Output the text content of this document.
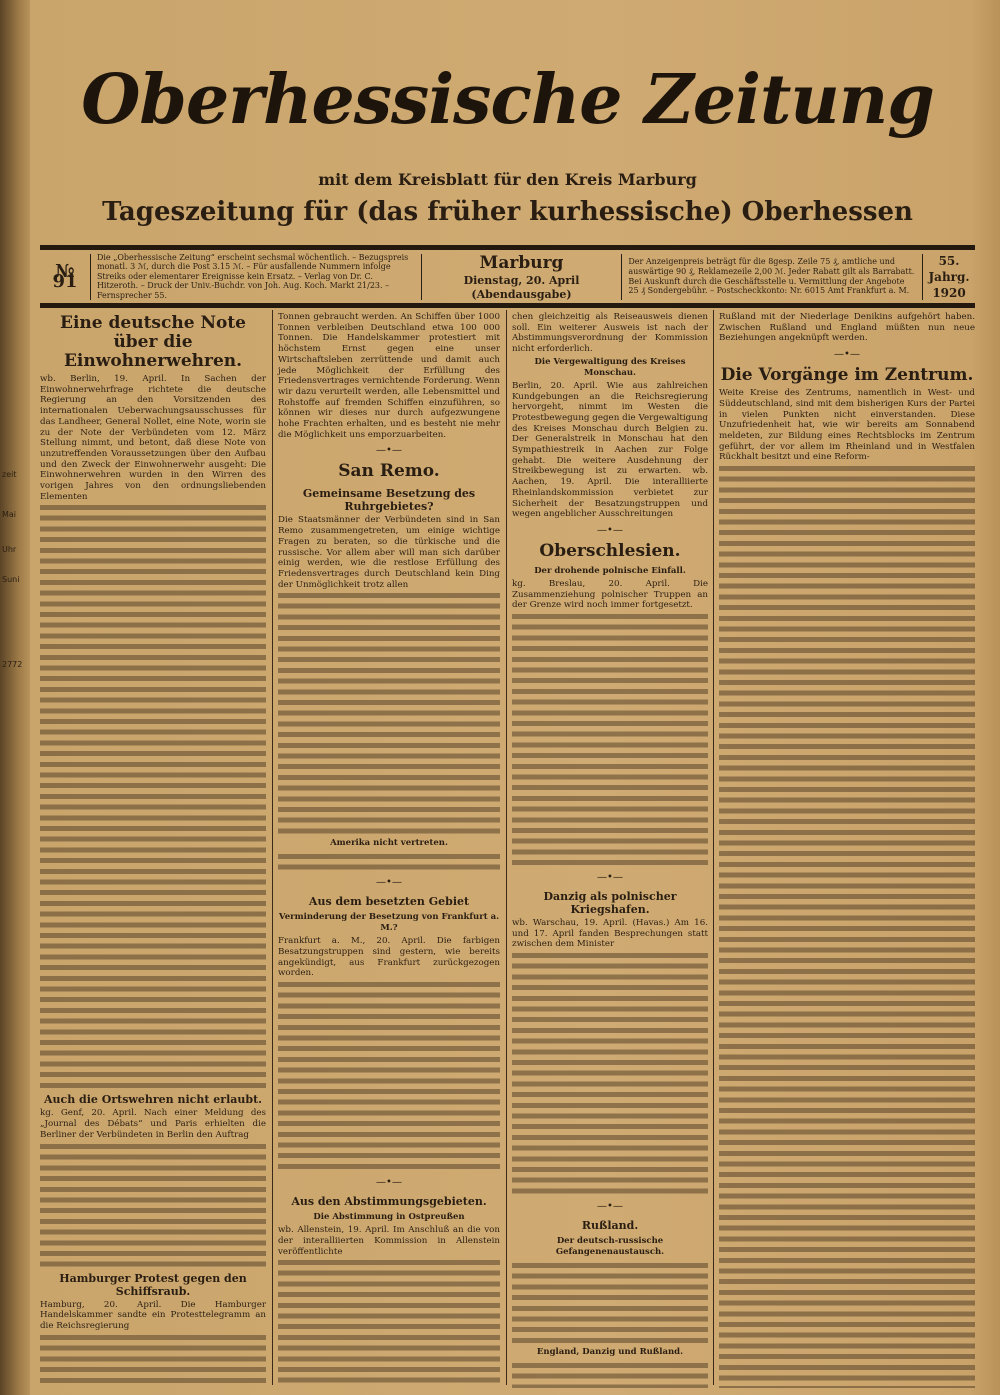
zeit
Mai
Uhr
Suni
2772
Oberhessische Zeitung
mit dem Kreisblatt für den Kreis Marburg
Tageszeitung für (das früher kurhessische) Oberhessen
№ 91
Die „Oberhessische Zeitung“ erscheint sechsmal wöchentlich. – Bezugspreis monatl. 3 ℳ, durch die Post 3.15 ℳ. – Für ausfallende Nummern infolge Streiks oder elementarer Ereignisse kein Ersatz. – Verlag von Dr. C. Hitzeroth. – Druck der Univ.-Buchdr. von Joh. Aug. Koch. Markt 21/23. – Fernsprecher 55.
Marburg
Dienstag, 20. April (Abendausgabe)
Der Anzeigenpreis beträgt für die 8gesp. Zeile 75 ₰, amtliche und auswärtige 90 ₰, Reklamezeile 2,00 ℳ. Jeder Rabatt gilt als Barrabatt. Bei Auskunft durch die Geschäftsstelle u. Vermittlung der Angebote 25 ₰ Sondergebühr. – Postscheckkonto: Nr. 6015 Amt Frankfurt a. M.
55. Jahrg.
1920
Eine deutsche Note über die Einwohnerwehren.

wb. Berlin, 19. April. In Sachen der Einwohnerwehrfrage richtete die deutsche Regierung an den Vorsitzenden des internationalen Ueberwachungsausschusses für das Landheer, General Nollet, eine Note, worin sie zu der Note der Verbündeten vom 12. März Stellung nimmt, und betont, daß diese Note von unzutreffenden Voraussetzungen über den Aufbau und den Zweck der Einwohnerwehr ausgeht: Die Einwohnerwehren wurden in den Wirren des vorigen Jahres von den ordnungsliebenden Elementen

Auch die Ortswehren nicht erlaubt.

kg. Genf, 20. April. Nach einer Meldung des „Journal des Débats“ und Paris erhielten die Berliner der Verbündeten in Berlin den Auftrag

Hamburger Protest gegen den Schiffsraub.

Hamburg, 20. April. Die Hamburger Handelskammer sandte ein Protesttelegramm an die Reichsregierung

Tonnen gebraucht werden. An Schiffen über 1000 Tonnen verbleiben Deutschland etwa 100 000 Tonnen. Die Handelskammer protestiert mit höchstem Ernst gegen eine unser Wirtschaftsleben zerrüttende und damit auch jede Möglichkeit der Erfüllung des Friedensvertrages vernichtende Forderung. Wenn wir dazu verurteilt werden, alle Lebensmittel und Rohstoffe auf fremden Schiffen einzuführen, so können wir dieses nur durch aufgezwungene hohe Frachten erhalten, und es besteht nie mehr die Möglichkeit uns emporzuarbeiten.

—•—
San Remo.
Gemeinsame Besetzung des Ruhrgebietes?

Die Staatsmänner der Verbündeten sind in San Remo zusammengetreten, um einige wichtige Fragen zu beraten, so die türkische und die russische. Vor allem aber will man sich darüber einig werden, wie die restlose Erfüllung des Friedensvertrages durch Deutschland kein Ding der Unmöglichkeit trotz allen

Amerika nicht vertreten.
—•—
Aus dem besetzten Gebiet
Verminderung der Besetzung von Frankfurt a. M.?

Frankfurt a. M., 20. April. Die farbigen Besatzungstruppen sind gestern, wie bereits angekündigt, aus Frankfurt zurückgezogen worden.

—•—
Aus den Abstimmungsgebieten.
Die Abstimmung in Ostpreußen

wb. Allenstein, 19. April. Im Anschluß an die von der interalliierten Kommission in Allenstein veröffentlichte

chen gleichzeitig als Reiseausweis dienen soll. Ein weiterer Ausweis ist nach der Abstimmungsverordnung der Kommission nicht erforderlich.

Die Vergewaltigung des Kreises Monschau.

Berlin, 20. April. Wie aus zahlreichen Kundgebungen an die Reichsregierung hervorgeht, nimmt im Westen die Protestbewegung gegen die Vergewaltigung des Kreises Monschau durch Belgien zu. Der Generalstreik in Monschau hat den Sympathiestreik in Aachen zur Folge gehabt. Die weitere Ausdehnung der Streikbewegung ist zu erwarten. wb. Aachen, 19. April. Die interalliierte Rheinlandskommission verbietet zur Sicherheit der Besatzungstruppen und wegen angeblicher Ausschreitungen

—•—
Oberschlesien.
Der drohende polnische Einfall.

kg. Breslau, 20. April. Die Zusammenziehung polnischer Truppen an der Grenze wird noch immer fortgesetzt.

—•—
Danzig als polnischer Kriegshafen.

wb. Warschau, 19. April. (Havas.) Am 16. und 17. April fanden Besprechungen statt zwischen dem Minister

—•—
Rußland.
Der deutsch-russische Gefangenenaustausch.
England, Danzig und Rußland.

Rußland mit der Niederlage Denikins aufgehört haben. Zwischen Rußland und England müßten nun neue Beziehungen angeknüpft werden.

—•—
Die Vorgänge im Zentrum.

Weite Kreise des Zentrums, namentlich in West- und Süddeutschland, sind mit dem bisherigen Kurs der Partei in vielen Punkten nicht einverstanden. Diese Unzufriedenheit hat, wie wir bereits am Sonnabend meldeten, zur Bildung eines Rechtsblocks im Zentrum geführt, der vor allem im Rheinland und in Westfalen Rückhalt besitzt und eine Reform-
